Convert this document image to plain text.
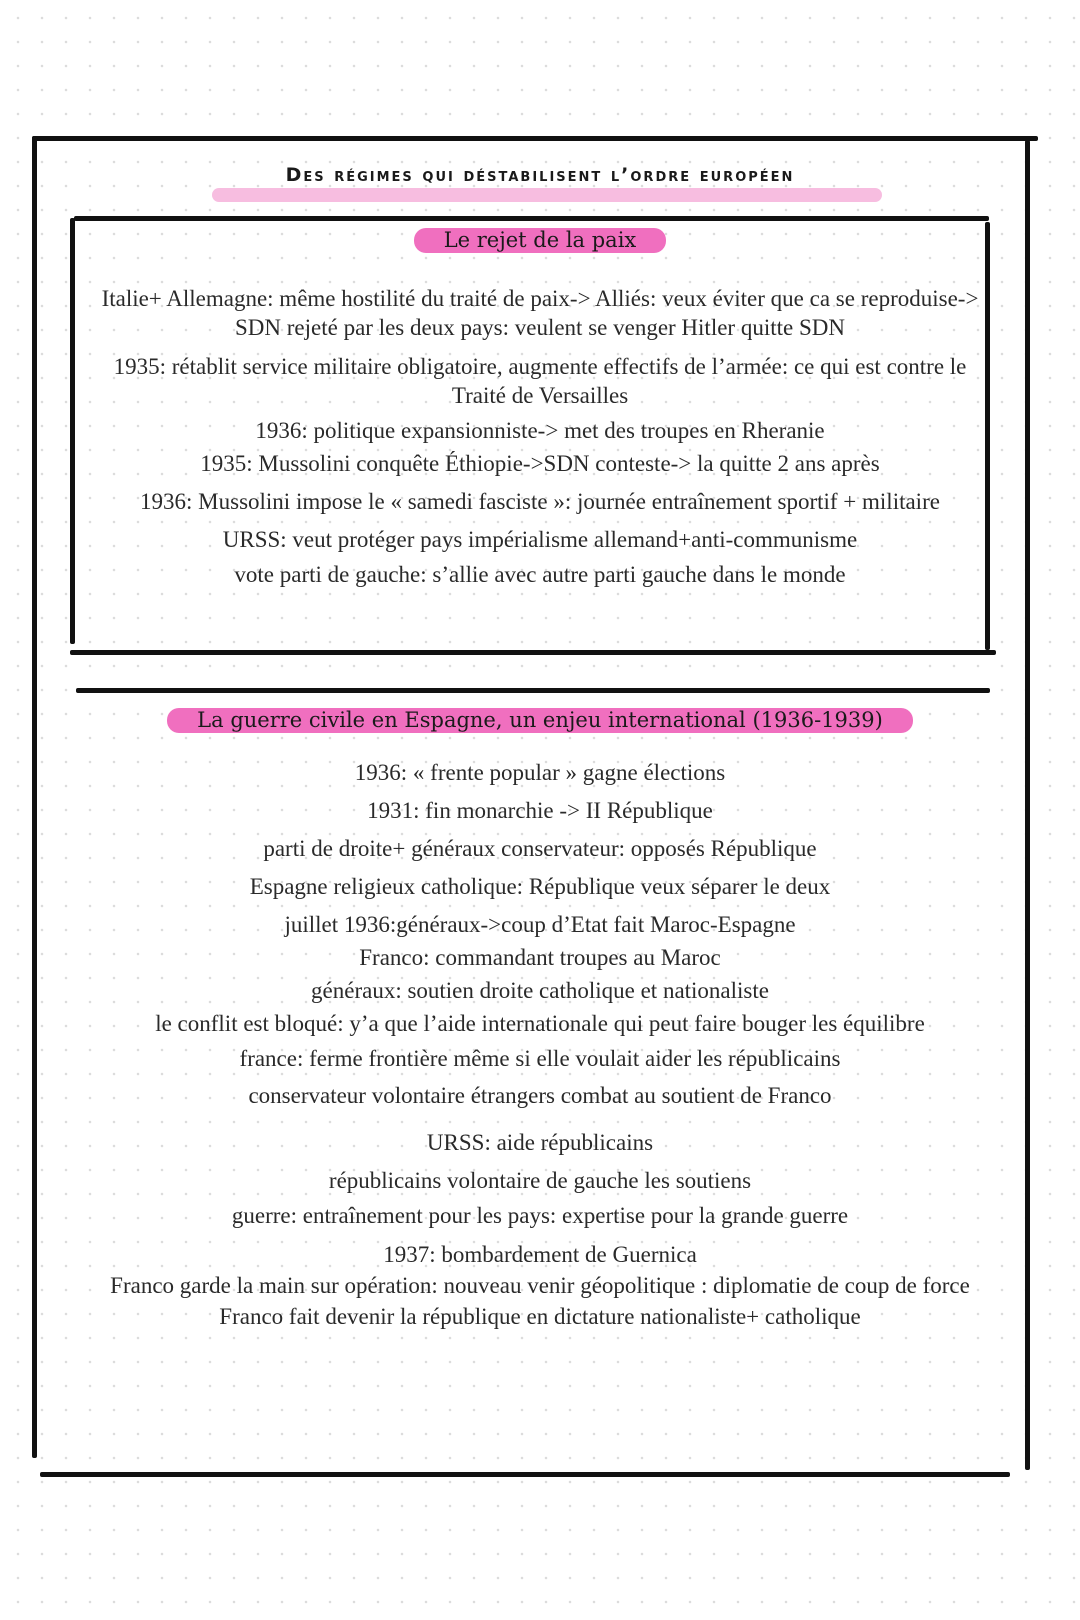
Des régimes qui déstabilisent l’ordre européen
Le rejet de la paix

Italie+ Allemagne: même hostilité du traité de paix-> Alliés: veux éviter que ca se reproduise-> SDN rejeté par les deux pays: veulent se venger Hitler quitte SDN

1935: rétablit service militaire obligatoire, augmente effectifs de l’armée: ce qui est contre le Traité de Versailles

1936: politique expansionniste-> met des troupes en Rheranie

1935: Mussolini conquête Éthiopie->SDN conteste-> la quitte 2 ans après

1936: Mussolini impose le « samedi fasciste »: journée entraînement sportif + militaire

URSS: veut protéger pays impérialisme allemand+anti-communisme

vote parti de gauche: s’allie avec autre parti gauche dans le monde

La guerre civile en Espagne, un enjeu international (1936-1939)

1936: « frente popular » gagne élections

1931: fin monarchie -> II République

parti de droite+ généraux conservateur: opposés République

Espagne religieux catholique: République veux séparer le deux

juillet 1936:généraux->coup d’Etat fait Maroc-Espagne

Franco: commandant troupes au Maroc

généraux: soutien droite catholique et nationaliste

le conflit est bloqué: y’a que l’aide internationale qui peut faire bouger les équilibre

france: ferme frontière même si elle voulait aider les républicains

conservateur volontaire étrangers combat au soutient de Franco

URSS: aide républicains

républicains volontaire de gauche les soutiens

guerre: entraînement pour les pays: expertise pour la grande guerre

1937: bombardement de Guernica

Franco garde la main sur opération: nouveau venir géopolitique : diplomatie de coup de force

Franco fait devenir la république en dictature nationaliste+ catholique
